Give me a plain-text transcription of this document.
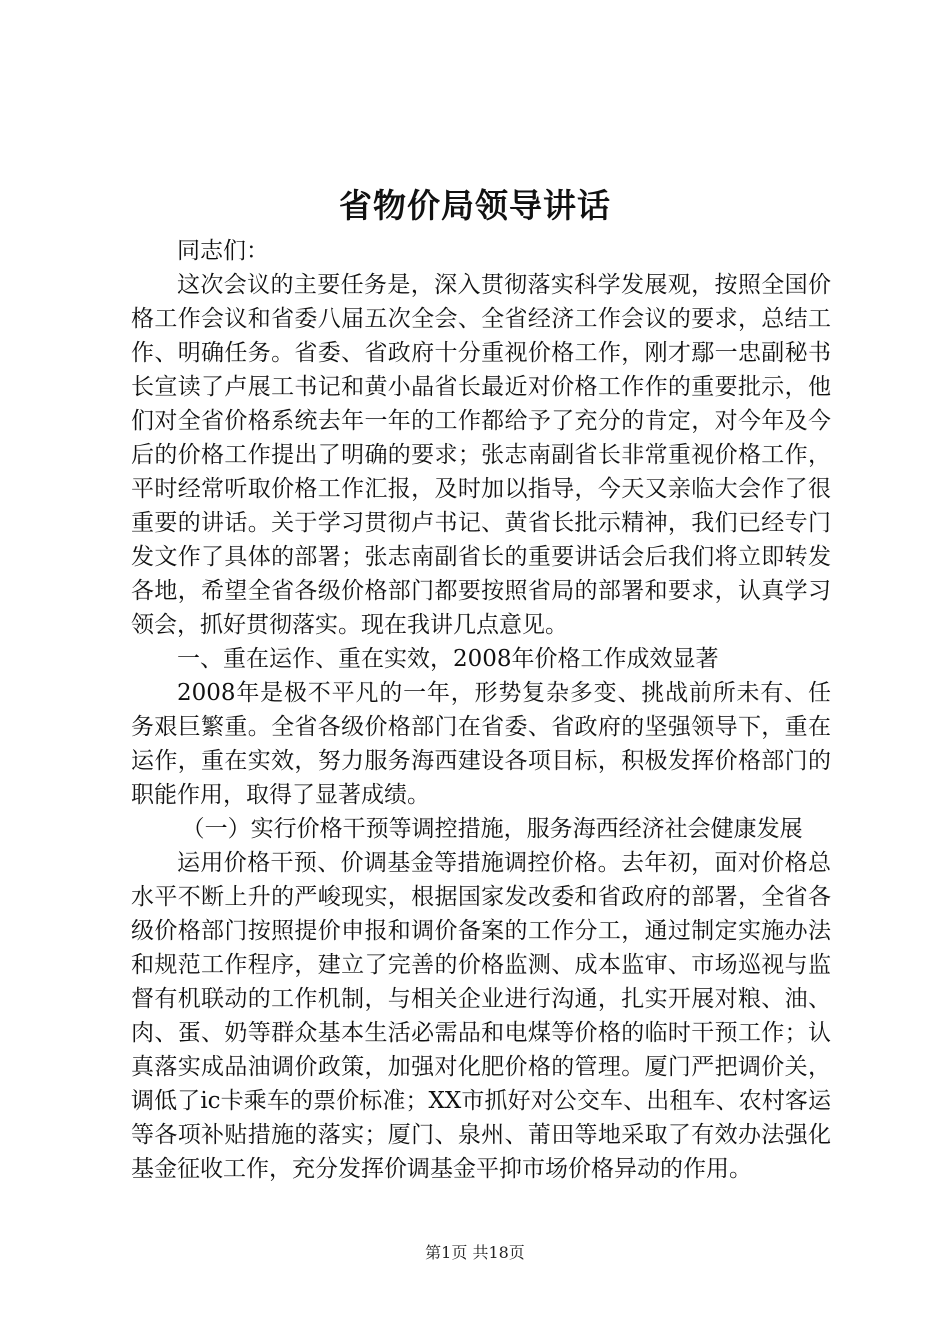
省物价局领导讲话

同志们：

这次会议的主要任务是，深入贯彻落实科学发展观，按照全国价格工作会议和省委八届五次全会、全省经济工作会议的要求，总结工作、明确任务。省委、省政府十分重视价格工作，刚才鄢一忠副秘书长宣读了卢展工书记和黄小晶省长最近对价格工作作的重要批示，他们对全省价格系统去年一年的工作都给予了充分的肯定，对今年及今后的价格工作提出了明确的要求；张志南副省长非常重视价格工作，平时经常听取价格工作汇报，及时加以指导，今天又亲临大会作了很重要的讲话。关于学习贯彻卢书记、黄省长批示精神，我们已经专门发文作了具体的部署；张志南副省长的重要讲话会后我们将立即转发各地，希望全省各级价格部门都要按照省局的部署和要求，认真学习领会，抓好贯彻落实。现在我讲几点意见。

一、重在运作、重在实效，2008年价格工作成效显著

2008年是极不平凡的一年，形势复杂多变、挑战前所未有、任务艰巨繁重。全省各级价格部门在省委、省政府的坚强领导下，重在运作，重在实效，努力服务海西建设各项目标，积极发挥价格部门的职能作用，取得了显著成绩。

（一）实行价格干预等调控措施，服务海西经济社会健康发展

运用价格干预、价调基金等措施调控价格。去年初，面对价格总水平不断上升的严峻现实，根据国家发改委和省政府的部署，全省各级价格部门按照提价申报和调价备案的工作分工，通过制定实施办法和规范工作程序，建立了完善的价格监测、成本监审、市场巡视与监督有机联动的工作机制，与相关企业进行沟通，扎实开展对粮、油、肉、蛋、奶等群众基本生活必需品和电煤等价格的临时干预工作；认真落实成品油调价政策，加强对化肥价格的管理。厦门严把调价关，调低了ic卡乘车的票价标准；XX市抓好对公交车、出租车、农村客运等各项补贴措施的落实；厦门、泉州、莆田等地采取了有效办法强化基金征收工作，充分发挥价调基金平抑市场价格异动的作用。

第1页 共18页
